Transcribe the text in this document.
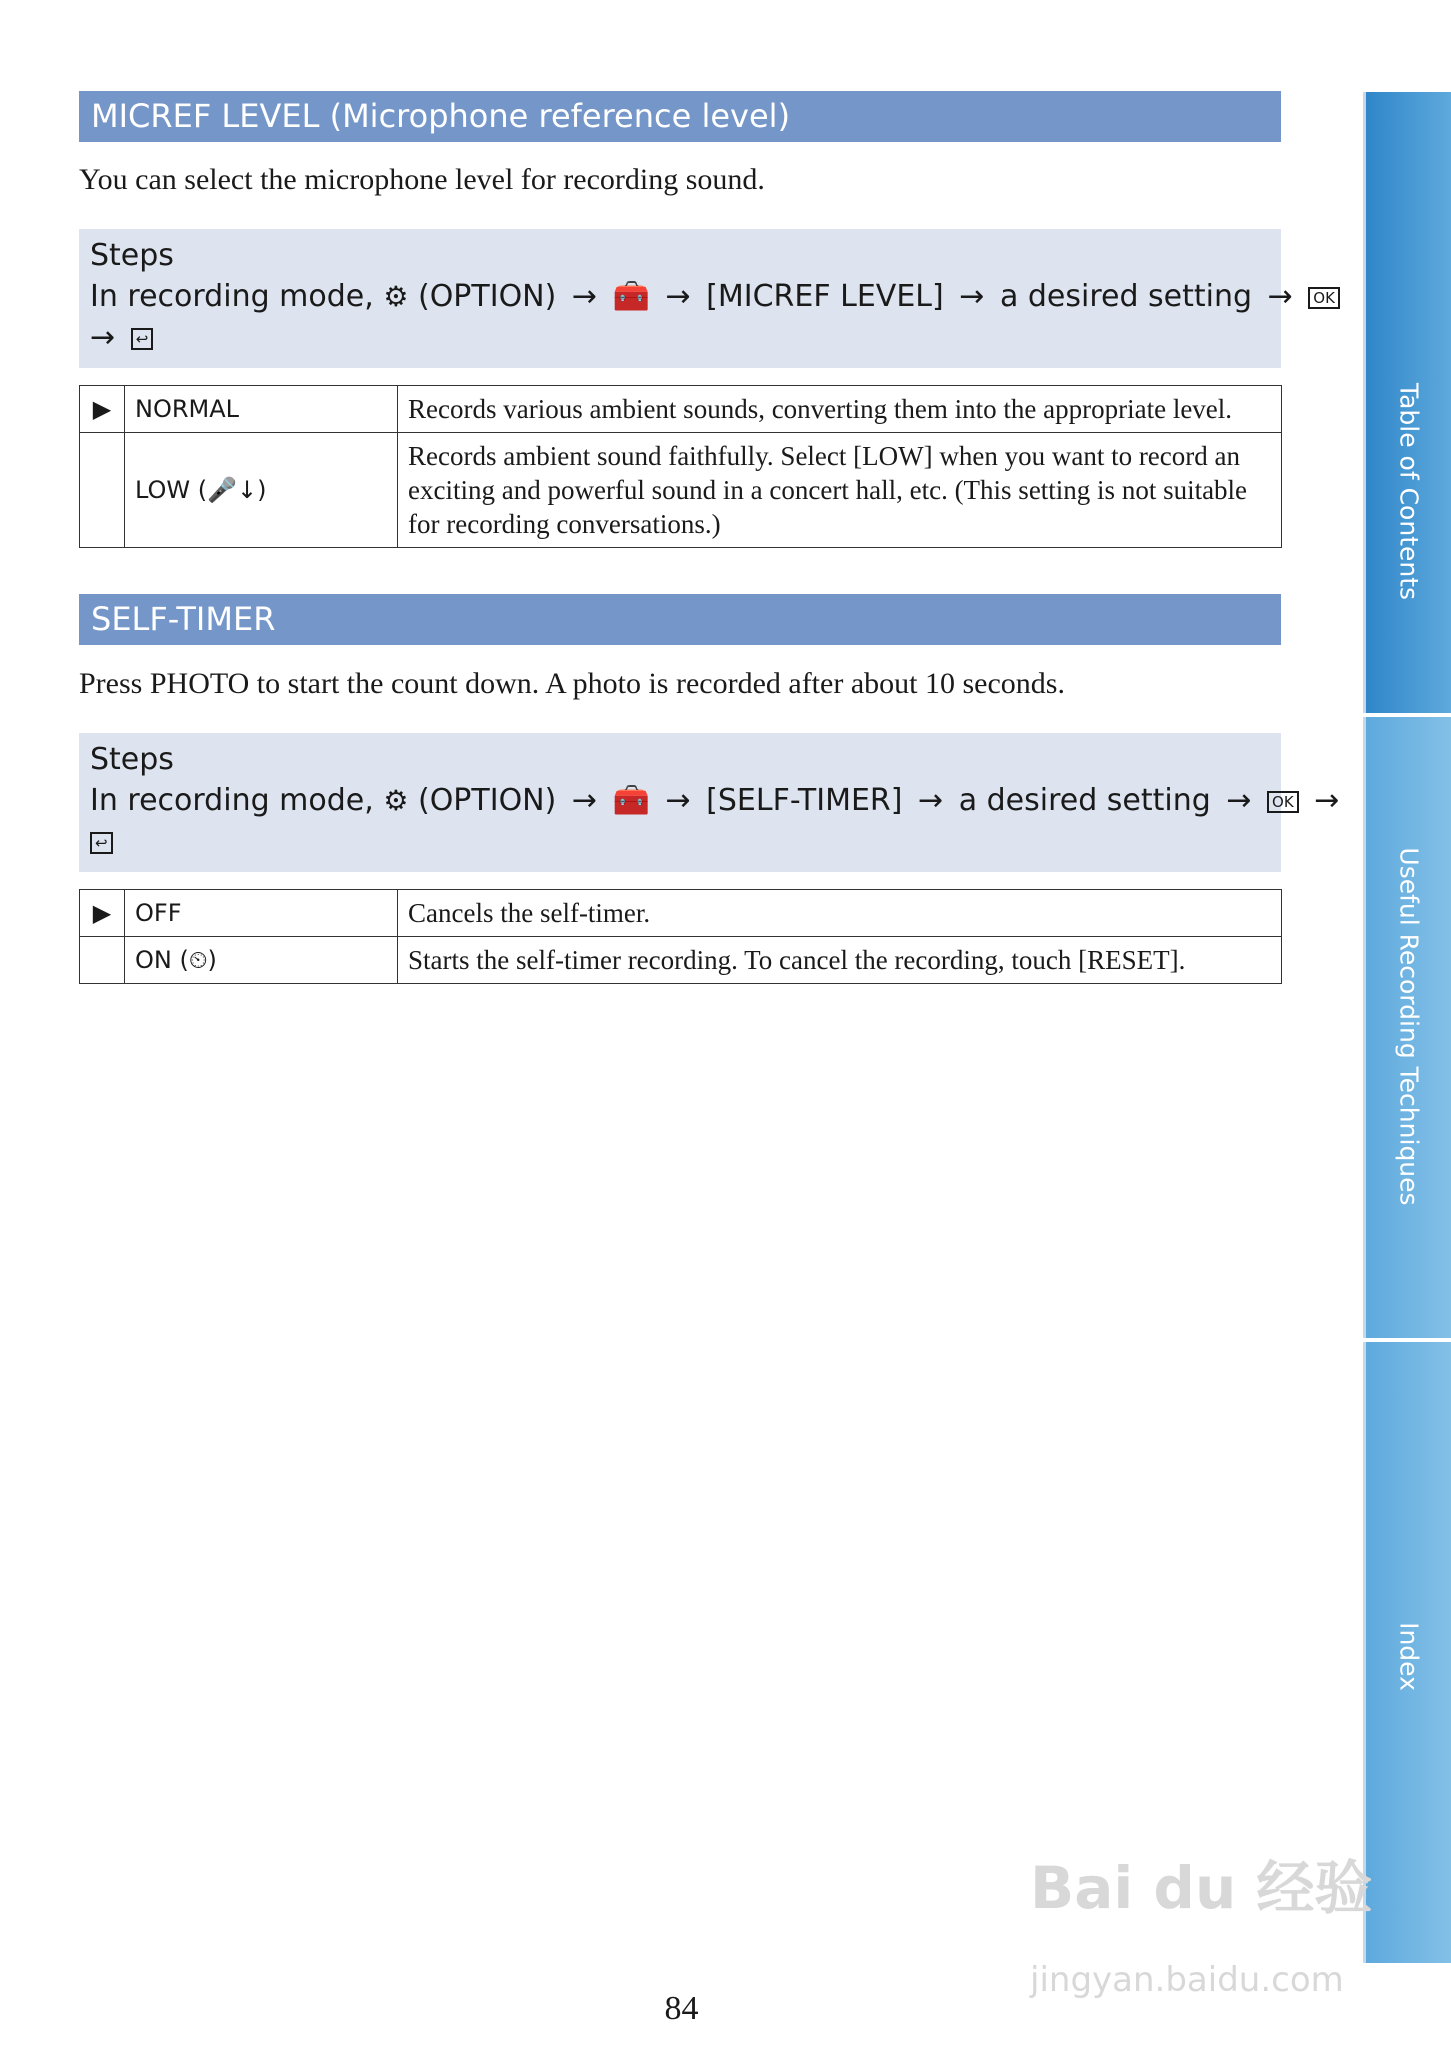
MICREF LEVEL (Microphone reference level)
You can select the microphone level for recording sound.
Steps
In recording mode, ⚙ (OPTION) → 🧰 → [MICREF LEVEL] → a desired setting → OK
→ ↩
▶	NORMAL	Records various ambient sounds, converting them into the appropriate level.
	LOW (🎤↓)	Records ambient sound faithfully. Select [LOW] when you want to record an exciting and powerful sound in a concert hall, etc. (This setting is not suitable for recording conversations.)
SELF-TIMER
Press PHOTO to start the count down. A photo is recorded after about 10 seconds.
Steps
In recording mode, ⚙ (OPTION) → 🧰 → [SELF-TIMER] → a desired setting → OK →
↩
▶	OFF	Cancels the self-timer.
	ON (⏲)	Starts the self-timer recording. To cancel the recording, touch [RESET].
Table of Contents
Useful Recording Techniques
Index
Bai du 经验
jingyan.baidu.com
84
